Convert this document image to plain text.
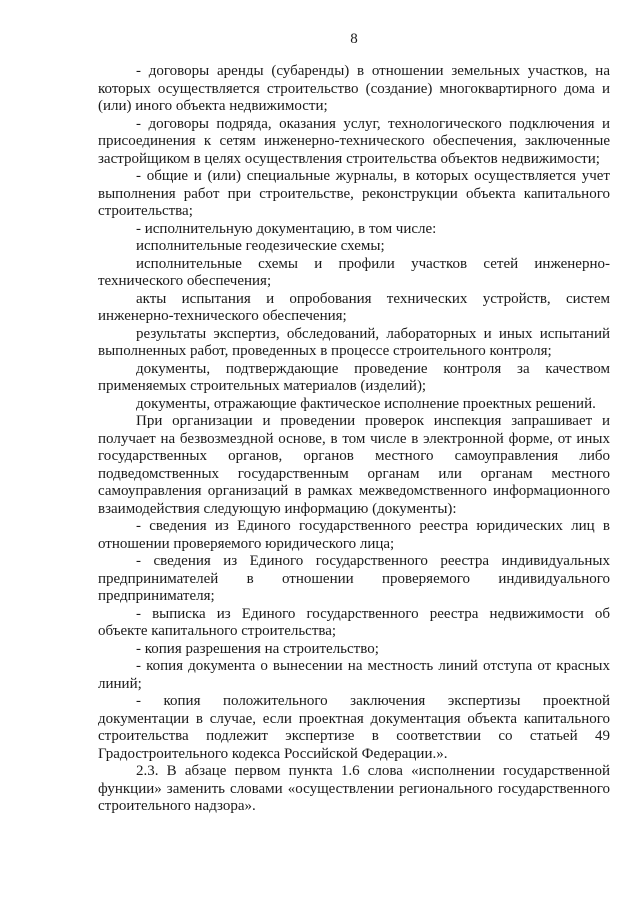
8

- договоры аренды (субаренды) в отношении земельных участков, на которых осуществляется строительство (создание) многоквартирного дома и (или) иного объекта недвижимости;

- договоры подряда, оказания услуг, технологического подключения и присоединения к сетям инженерно-технического обеспечения, заключенные застройщиком в целях осуществления строительства объектов недвижимости;

- общие и (или) специальные журналы, в которых осуществляется учет выполнения работ при строительстве, реконструкции объекта капитального строительства;

- исполнительную документацию, в том числе:

исполнительные геодезические схемы;

исполнительные схемы и профили участков сетей инженерно-технического обеспечения;

акты испытания и опробования технических устройств, систем инженерно-технического обеспечения;

результаты экспертиз, обследований, лабораторных и иных испытаний выполненных работ, проведенных в процессе строительного контроля;

документы, подтверждающие проведение контроля за качеством применяемых строительных материалов (изделий);

документы, отражающие фактическое исполнение проектных решений.

При организации и проведении проверок инспекция запрашивает и получает на безвозмездной основе, в том числе в электронной форме, от иных государственных органов, органов местного самоуправления либо подведомственных государственным органам или органам местного самоуправления организаций в рамках межведомственного информационного взаимодействия следующую информацию (документы):

- сведения из Единого государственного реестра юридических лиц в отношении проверяемого юридического лица;

- сведения из Единого государственного реестра индивидуальных предпринимателей в отношении проверяемого индивидуального предпринимателя;

- выписка из Единого государственного реестра недвижимости об объекте капитального строительства;

- копия разрешения на строительство;

- копия документа о вынесении на местность линий отступа от красных линий;

- копия положительного заключения экспертизы проектной документации в случае, если проектная документация объекта капитального строительства подлежит экспертизе в соответствии со статьей 49 Градостроительного кодекса Российской Федерации.».

2.3. В абзаце первом пункта 1.6 слова «исполнении государственной функции» заменить словами «осуществлении регионального государственного строительного надзора».
